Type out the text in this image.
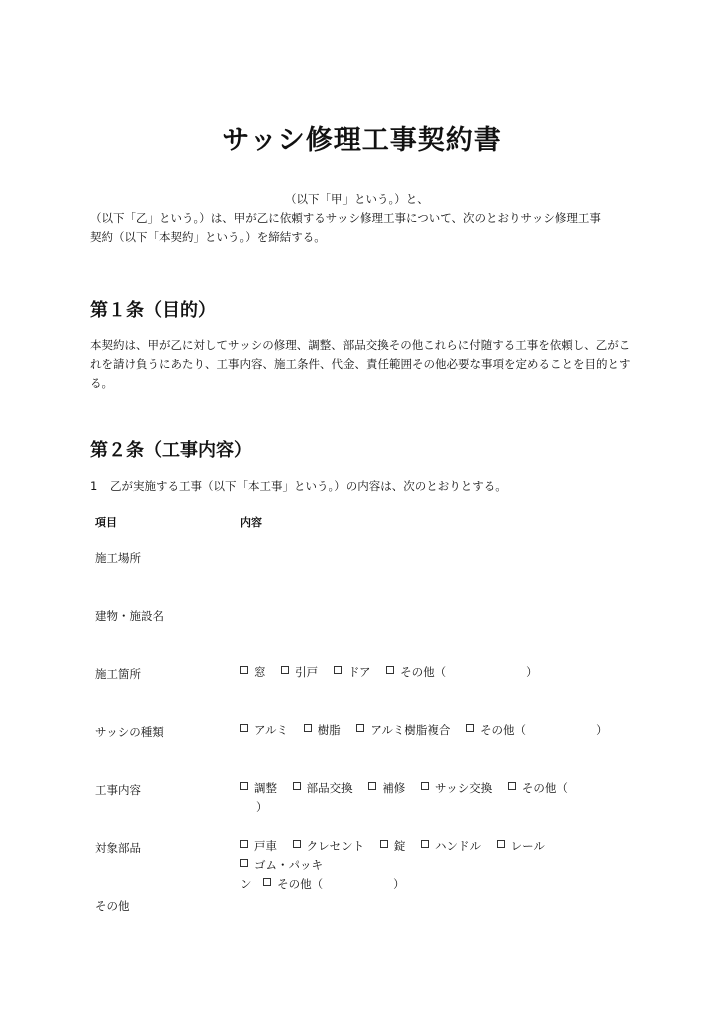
サッシ修理工事契約書
（以下「甲」という。）と、
（以下「乙」という。）は、甲が乙に依頼するサッシ修理工事について、次のとおりサッシ修理工事
契約（以下「本契約」という。）を締結する。
第１条（目的）

本契約は、甲が乙に対してサッシの修理、調整、部品交換その他これらに付随する工事を依頼し、乙がこれを請け負うにあたり、工事内容、施工条件、代金、責任範囲その他必要な事項を定めることを目的とする。

第２条（工事内容）

1 乙が実施する工事（以下「本工事」という。）の内容は、次のとおりとする。

項目	内容
施工場所
建物・施設名
施工箇所	窓	引戸	ドア	その他（	）
サッシの種類	アルミ	樹脂	アルミ樹脂複合	その他（	）
工事内容	調整	部品交換	補修	サッシ交換	その他（
）
対象部品	戸車	クレセント	錠	ハンドル	レール ゴム・パッキ
ン その他（	）
その他
